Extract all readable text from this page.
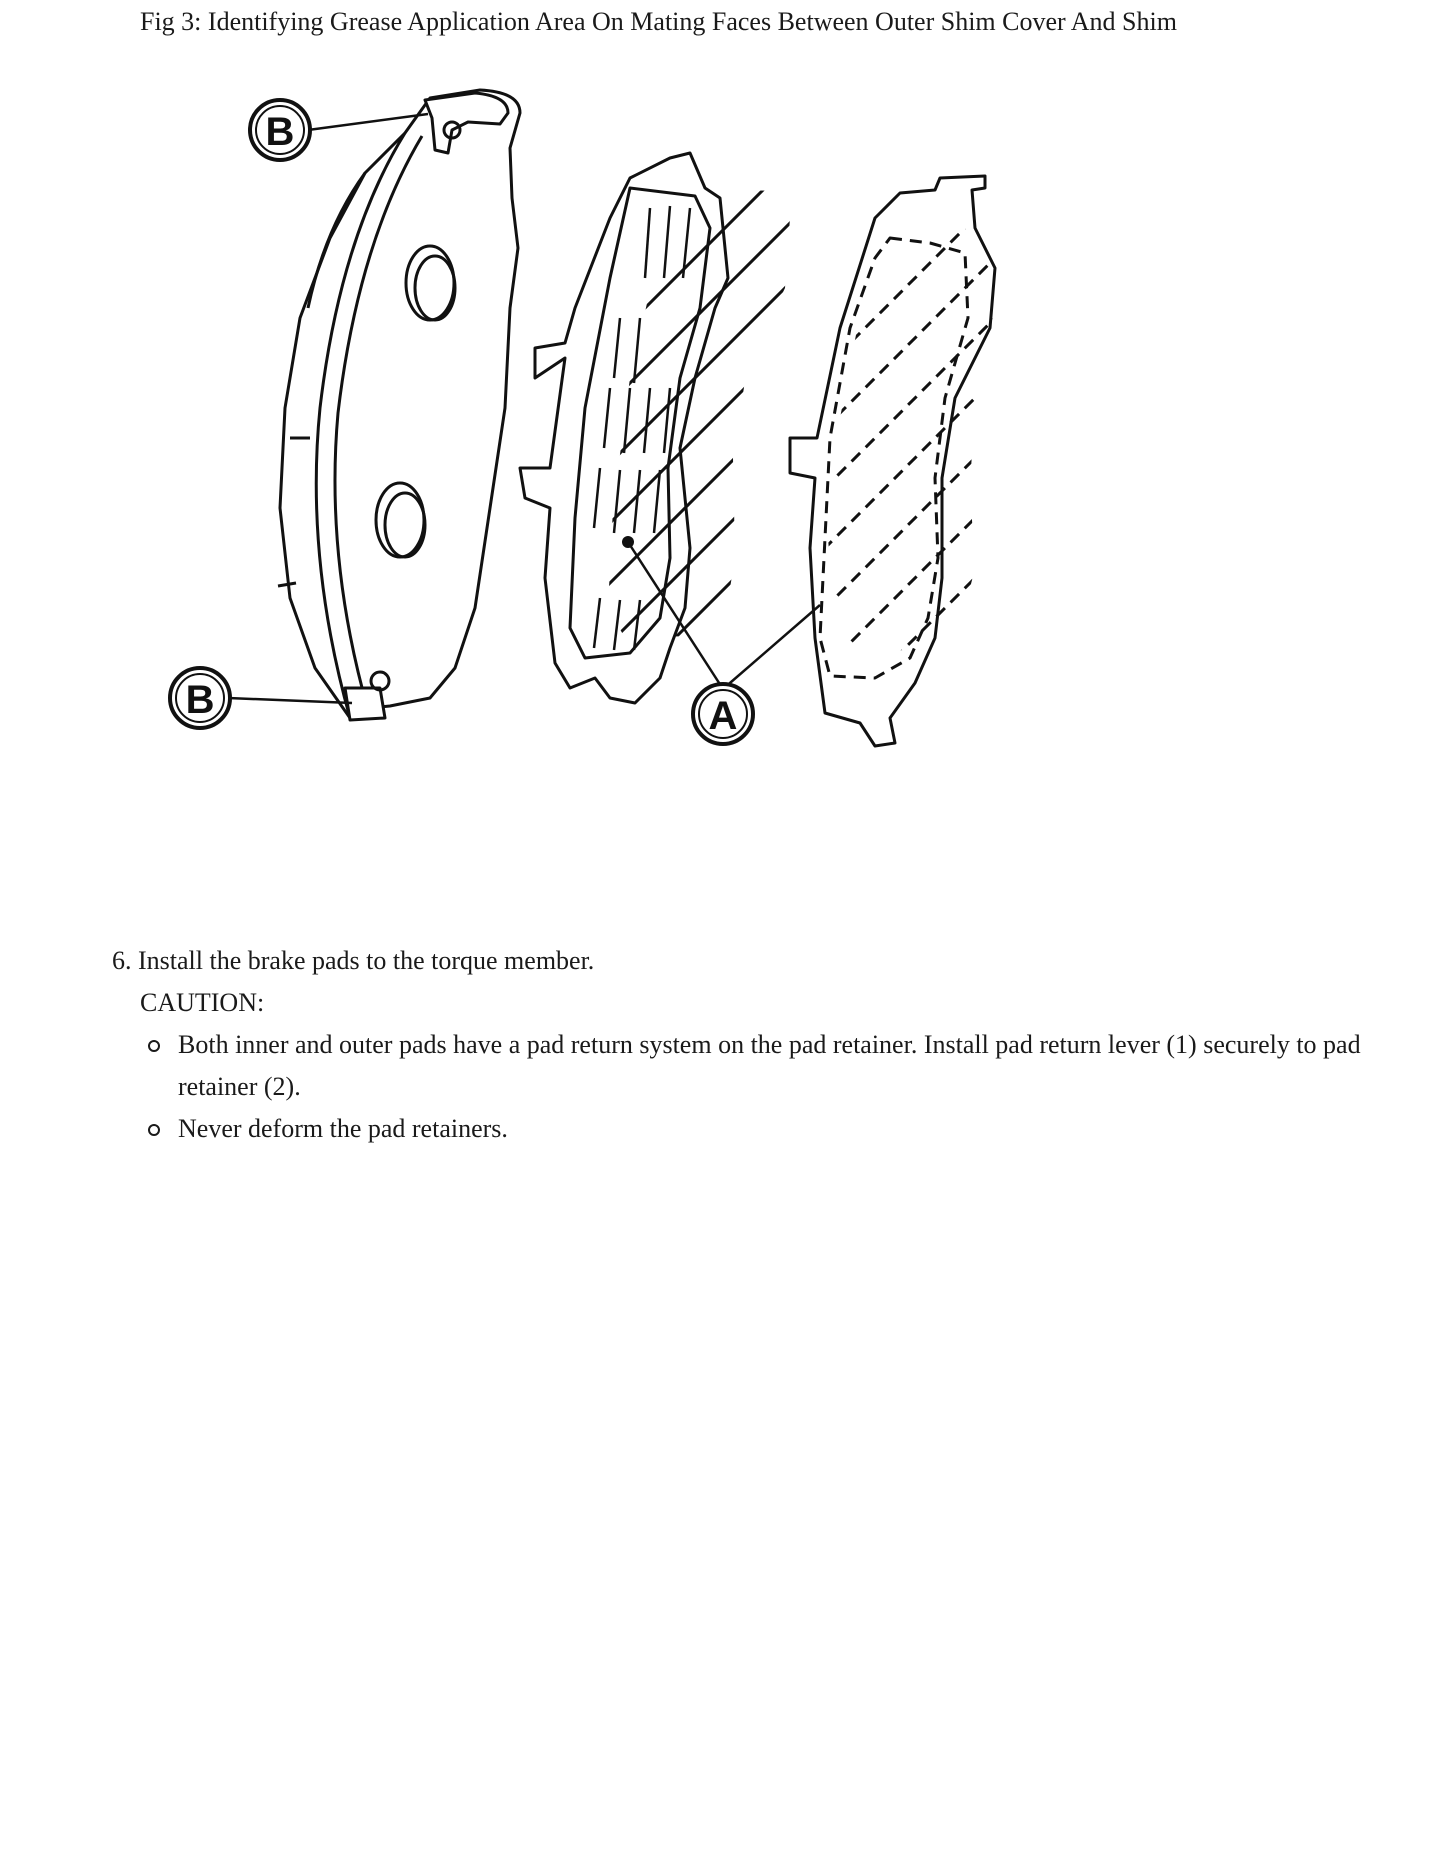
Fig 3: Identifying Grease Application Area On Mating Faces Between Outer Shim Cover And Shim
B
B	A
6. Install the brake pads to the torque member.
CAUTION:
Both inner and outer pads have a pad return system on the pad retainer. Install pad return lever (1) securely to pad retainer (2).
Never deform the pad retainers.
